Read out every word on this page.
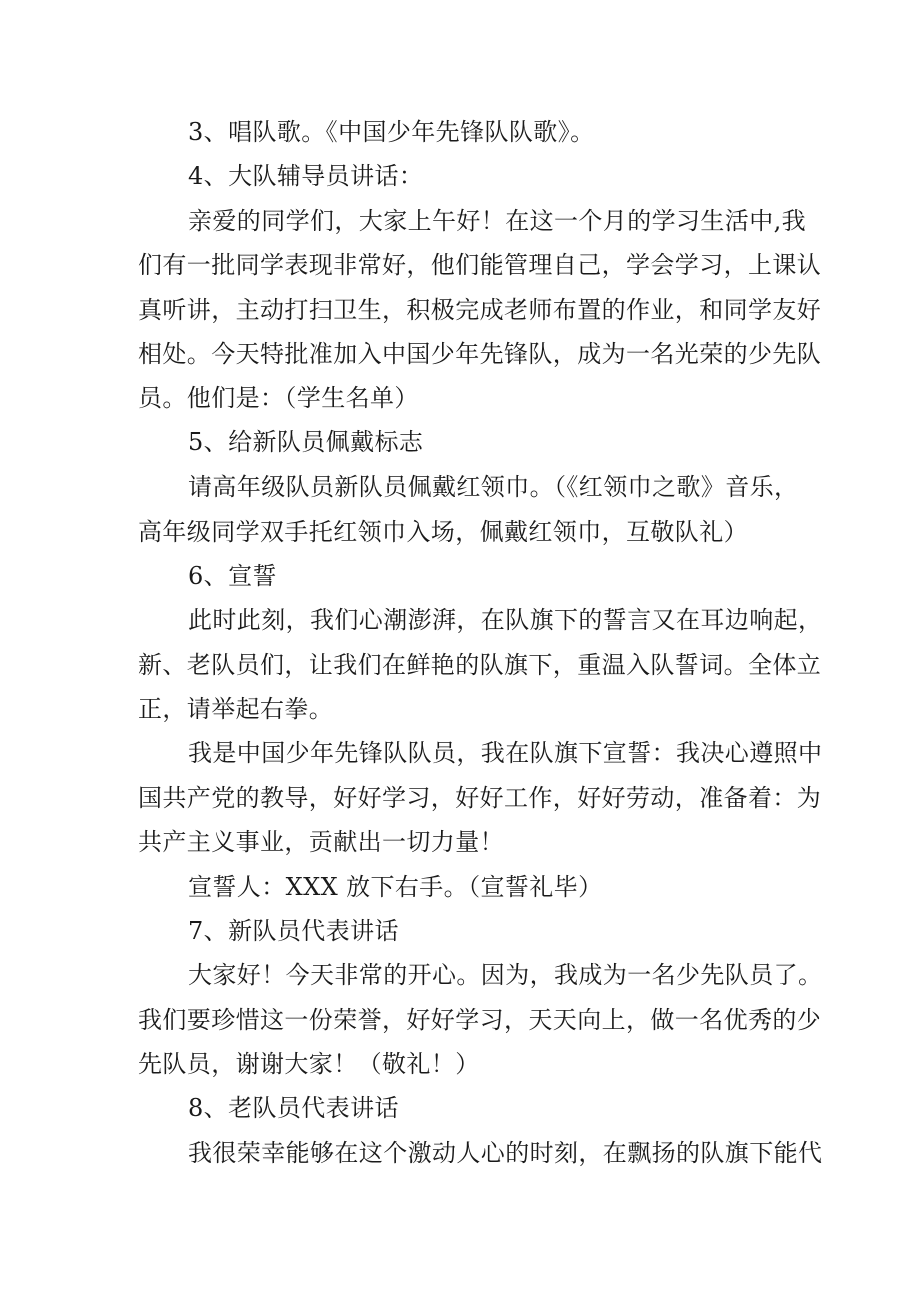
3、唱队歌。《中国少年先锋队队歌》。
4、大队辅导员讲话：
亲爱的同学们，大家上午好！在这一个月的学习生活中,我
们有一批同学表现非常好，他们能管理自己，学会学习，上课认
真听讲，主动打扫卫生，积极完成老师布置的作业，和同学友好
相处。今天特批准加入中国少年先锋队，成为一名光荣的少先队
员。他们是：（学生名单）
5、给新队员佩戴标志
请高年级队员新队员佩戴红领巾。（《红领巾之歌》音乐，
高年级同学双手托红领巾入场，佩戴红领巾，互敬队礼）
6、宣誓
此时此刻，我们心潮澎湃，在队旗下的誓言又在耳边响起，
新、老队员们，让我们在鲜艳的队旗下，重温入队誓词。全体立
正，请举起右拳。
我是中国少年先锋队队员，我在队旗下宣誓：我决心遵照中
国共产党的教导，好好学习，好好工作，好好劳动，准备着：为
共产主义事业，贡献出一切力量！
宣誓人：XXX 放下右手。（宣誓礼毕）
7、新队员代表讲话
大家好！今天非常的开心。因为，我成为一名少先队员了。
我们要珍惜这一份荣誉，好好学习，天天向上，做一名优秀的少
先队员，谢谢大家！（敬礼！）
8、老队员代表讲话
我很荣幸能够在这个激动人心的时刻，在飘扬的队旗下能代
